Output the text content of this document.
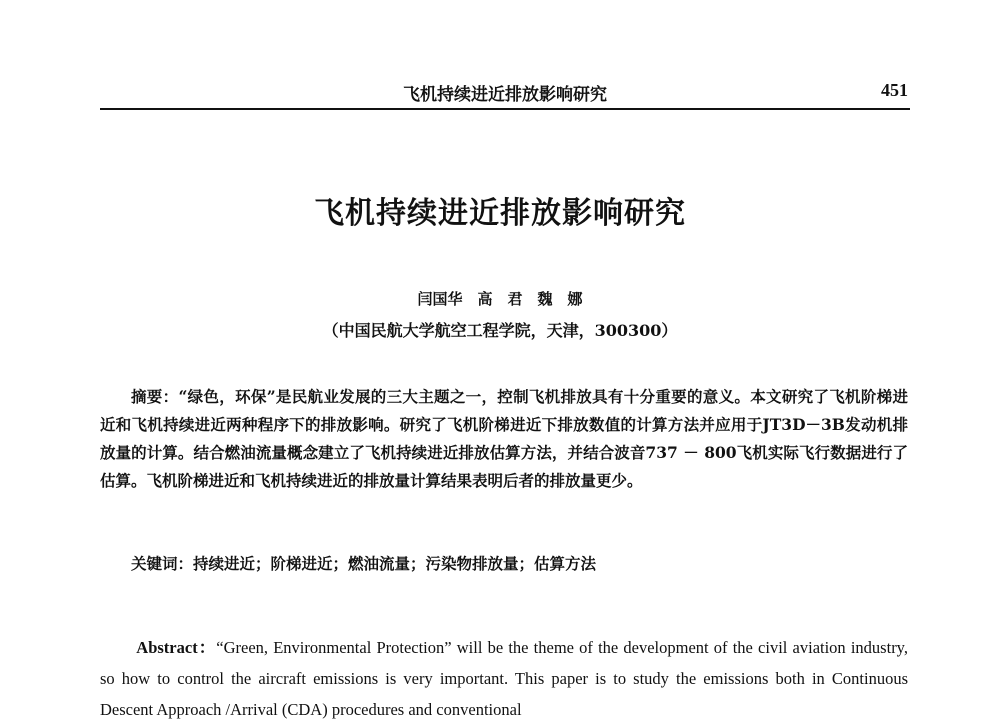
飞机持续进近排放影响研究	451
飞机持续进近排放影响研究
闫国华　高　君　魏　娜
（中国民航大学航空工程学院，天津，300300）
摘要：“绿色，环保”是民航业发展的三大主题之一，控制飞机排放具有十分重要的意义。本文研究了飞机阶梯进近和飞机持续进近两种程序下的排放影响。研究了飞机阶梯进近下排放数值的计算方法并应用于JT3D－3B发动机排放量的计算。结合燃油流量概念建立了飞机持续进近排放估算方法，并结合波音737 － 800飞机实际飞行数据进行了估算。飞机阶梯进近和飞机持续进近的排放量计算结果表明后者的排放量更少。
关键词：持续进近；阶梯进近；燃油流量；污染物排放量；估算方法
Abstract：“Green, Environmental Protection” will be the theme of the development of the civil aviation industry, so how to control the aircraft emissions is very important. This paper is to study the emissions both in Continuous Descent Approach /Arrival (CDA) procedures and conventional
